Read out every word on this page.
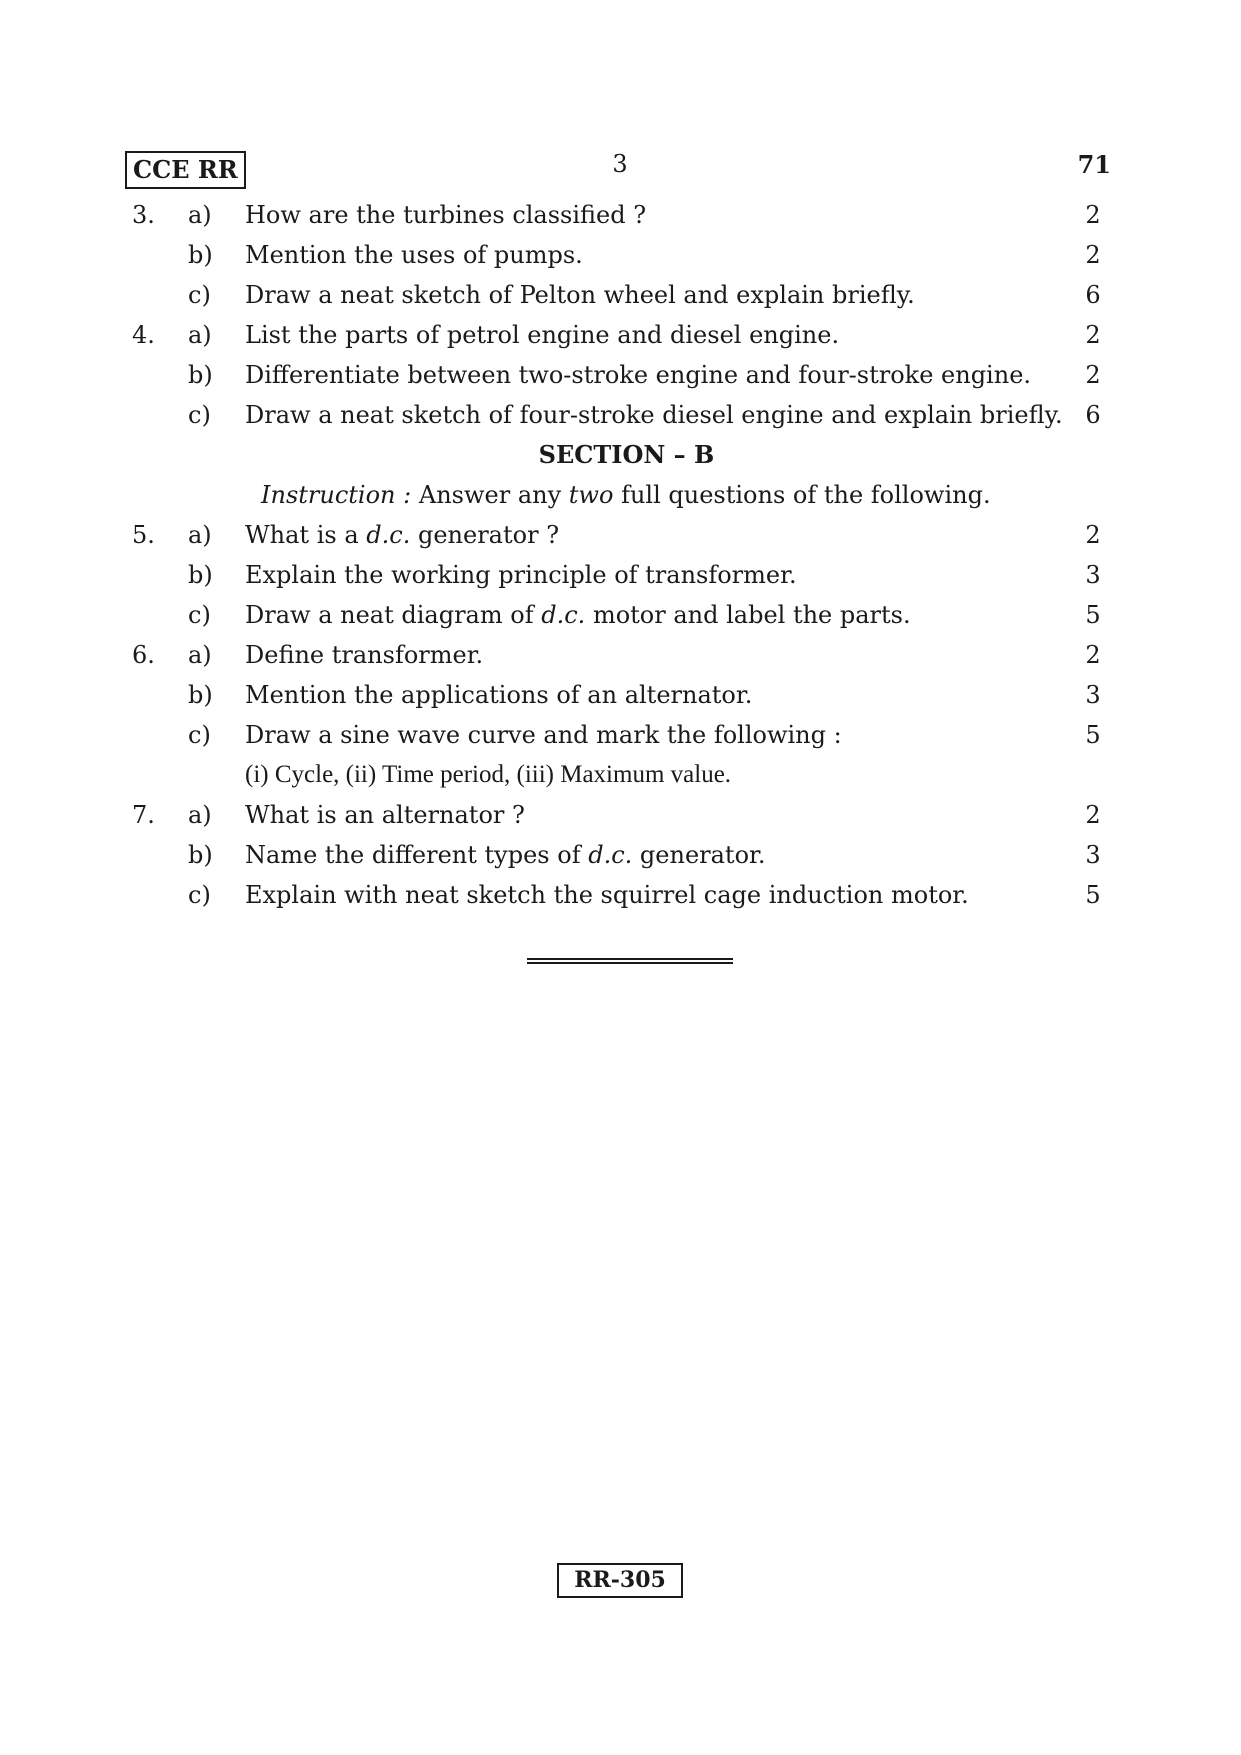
CCE RR	3	71
3. a) How are the turbines classified ?	2
b) Mention the uses of pumps.	2
c) Draw a neat sketch of Pelton wheel and explain briefly.	6
4. a) List the parts of petrol engine and diesel engine.	2
b) Differentiate between two-stroke engine and four-stroke engine. 2
c) Draw a neat sketch of four-stroke diesel engine and explain briefly. 6
SECTION – B
Instruction : Answer any two full questions of the following.
5. a) What is a d.c. generator ?	2
b) Explain the working principle of transformer.	3
c) Draw a neat diagram of d.c. motor and label the parts.	5
6. a) Define transformer.	2
b) Mention the applications of an alternator.	3
c) Draw a sine wave curve and mark the following :	5
(i) Cycle, (ii) Time period, (iii) Maximum value.
7. a) What is an alternator ?	2
b) Name the different types of d.c. generator.	3
c) Explain with neat sketch the squirrel cage induction motor.	5
RR-305
